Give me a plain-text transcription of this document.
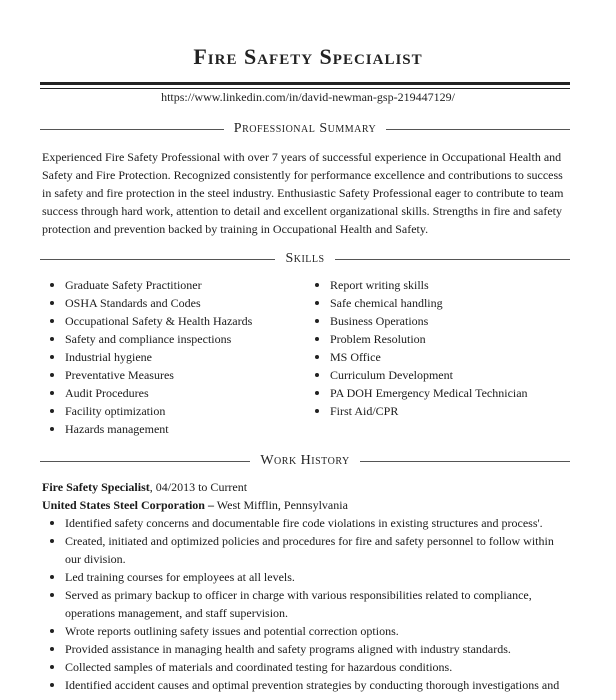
Fire Safety Specialist
https://www.linkedin.com/in/david-newman-gsp-219447129/
Professional Summary
Experienced Fire Safety Professional with over 7 years of successful experience in Occupational Health and Safety and Fire Protection. Recognized consistently for performance excellence and contributions to success in safety and fire protection in the steel industry. Enthusiastic Safety Professional eager to contribute to team success through hard work, attention to detail and excellent organizational skills. Strengths in fire and safety protection and prevention backed by training in Occupational Health and Safety.
Skills
Graduate Safety Practitioner
OSHA Standards and Codes
Occupational Safety & Health Hazards
Safety and compliance inspections
Industrial hygiene
Preventative Measures
Audit Procedures
Facility optimization
Hazards management
Report writing skills
Safe chemical handling
Business Operations
Problem Resolution
MS Office
Curriculum Development
PA DOH Emergency Medical Technician
First Aid/CPR
Work History
Fire Safety Specialist, 04/2013 to Current
United States Steel Corporation – West Mifflin, Pennsylvania
Identified safety concerns and documentable fire code violations in existing structures and process'.
Created, initiated and optimized policies and procedures for fire and safety personnel to follow within our division.
Led training courses for employees at all levels.
Served as primary backup to officer in charge with various responsibilities related to compliance, operations management, and staff supervision.
Wrote reports outlining safety issues and potential correction options.
Provided assistance in managing health and safety programs aligned with industry standards.
Collected samples of materials and coordinated testing for hazardous conditions.
Identified accident causes and optimal prevention strategies by conducting thorough investigations and
